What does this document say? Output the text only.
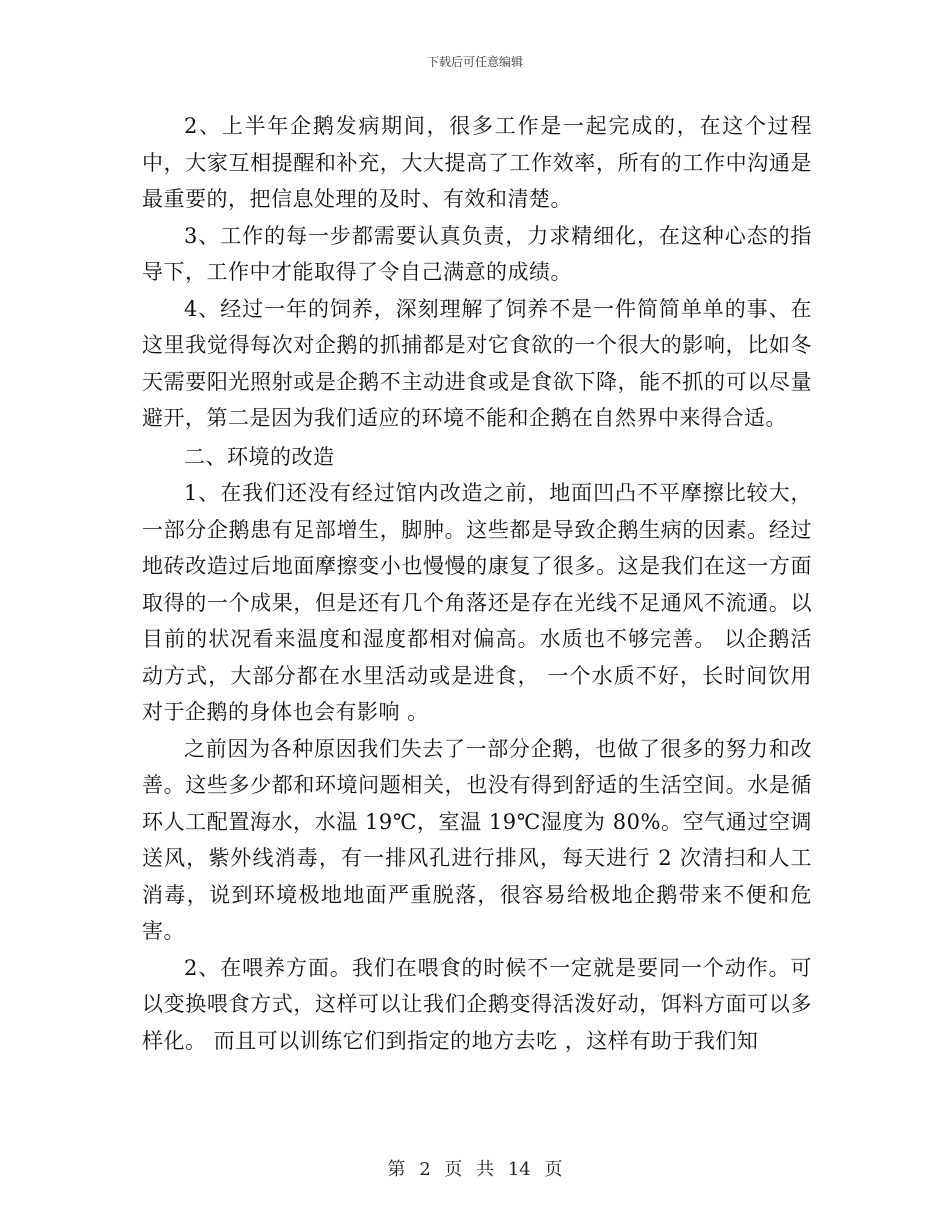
下载后可任意编辑

2、上半年企鹅发病期间，很多工作是一起完成的，在这个过程中，大家互相提醒和补充，大大提高了工作效率，所有的工作中沟通是最重要的，把信息处理的及时、有效和清楚。

3、工作的每一步都需要认真负责，力求精细化，在这种心态的指导下，工作中才能取得了令自己满意的成绩。

4、经过一年的饲养，深刻理解了饲养不是一件简简单单的事、在这里我觉得每次对企鹅的抓捕都是对它食欲的一个很大的影响，比如冬天需要阳光照射或是企鹅不主动进食或是食欲下降，能不抓的可以尽量避开，第二是因为我们适应的环境不能和企鹅在自然界中来得合适。

二、环境的改造

1、在我们还没有经过馆内改造之前，地面凹凸不平摩擦比较大，一部分企鹅患有足部增生，脚肿。这些都是导致企鹅生病的因素。经过地砖改造过后地面摩擦变小也慢慢的康复了很多。这是我们在这一方面取得的一个成果，但是还有几个角落还是存在光线不足通风不流通。以目前的状况看来温度和湿度都相对偏高。水质也不够完善。 以企鹅活动方式，大部分都在水里活动或是进食， 一个水质不好，长时间饮用对于企鹅的身体也会有影响 。

之前因为各种原因我们失去了一部分企鹅，也做了很多的努力和改善。这些多少都和环境问题相关，也没有得到舒适的生活空间。水是循环人工配置海水，水温 19℃，室温 19℃湿度为 80%。空气通过空调送风，紫外线消毒，有一排风孔进行排风，每天进行 2 次清扫和人工消毒，说到环境极地地面严重脱落，很容易给极地企鹅带来不便和危害。

2、在喂养方面。我们在喂食的时候不一定就是要同一个动作。可以变换喂食方式，这样可以让我们企鹅变得活泼好动，饵料方面可以多样化。 而且可以训练它们到指定的地方去吃 ，这样有助于我们知

第 2 页 共 14 页
